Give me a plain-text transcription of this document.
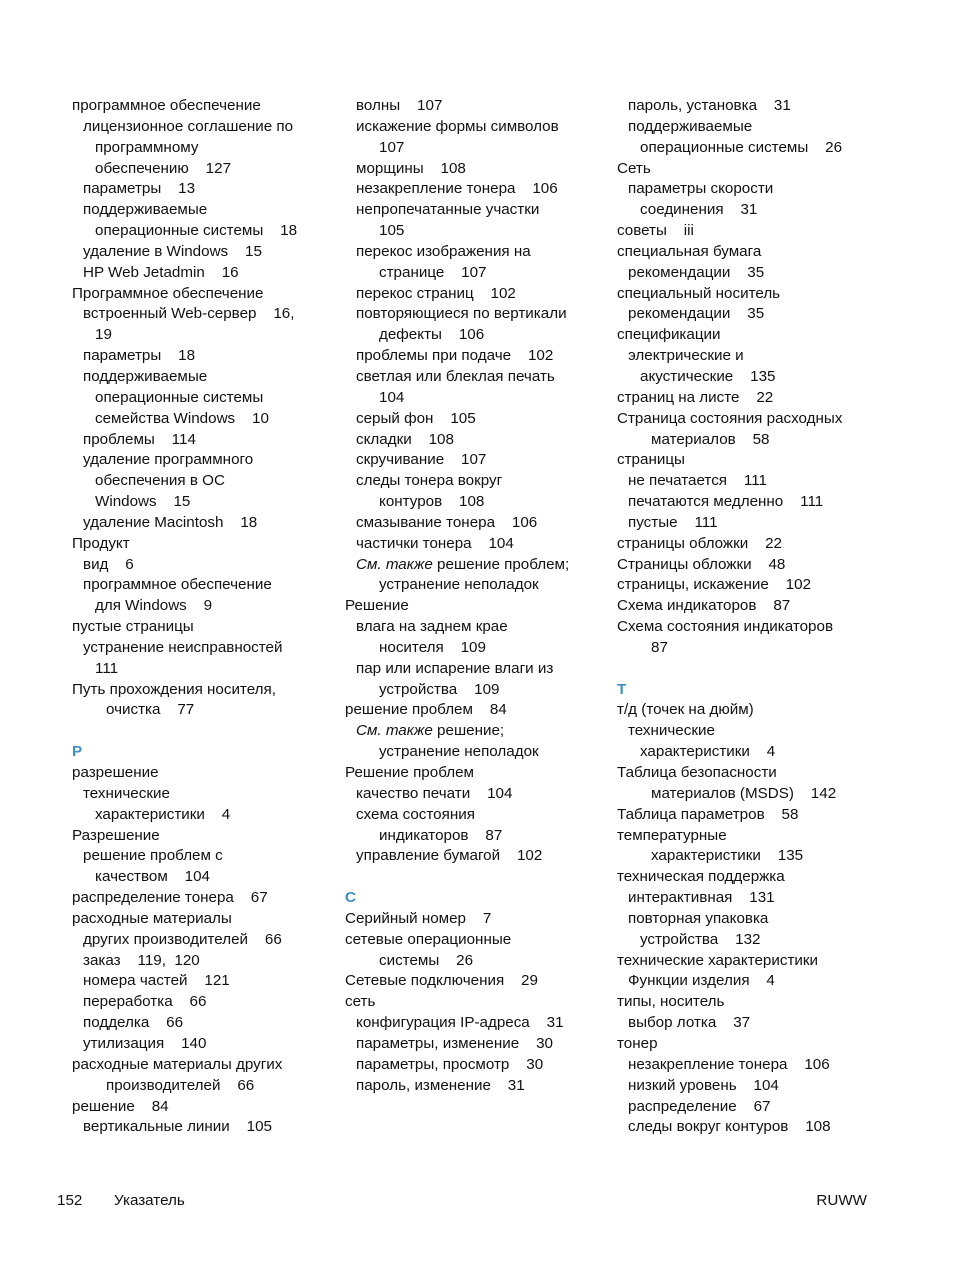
программное обеспечение
лицензионное соглашение по
программному
обеспечению    127
параметры    13
поддерживаемые
операционные системы    18
удаление в Windows    15
HP Web Jetadmin    16
Программное обеспечение
встроенный Web-сервер    16,
19
параметры    18
поддерживаемые
операционные системы
семейства Windows    10
проблемы    114
удаление программного
обеспечения в ОС
Windows    15
удаление Macintosh    18
Продукт
вид    6
программное обеспечение
для Windows    9
пустые страницы
устранение неисправностей
111
Путь прохождения носителя,
очистка    77
Р
разрешение
технические
характеристики    4
Разрешение
решение проблем с
качеством    104
распределение тонера    67
расходные материалы
других производителей    66
заказ    119,  120
номера частей    121
переработка    66
подделка    66
утилизация    140
расходные материалы других
производителей    66
решение    84
вертикальные линии    105
волны    107
искажение формы символов
107
морщины    108
незакрепление тонера    106
непропечатанные участки
105
перекос изображения на
странице    107
перекос страниц    102
повторяющиеся по вертикали
дефекты    106
проблемы при подаче    102
светлая или блеклая печать
104
серый фон    105
складки    108
скручивание    107
следы тонера вокруг
контуров    108
смазывание тонера    106
частички тонера    104
См. также решение проблем;
устранение неполадок
Решение
влага на заднем крае
носителя    109
пар или испарение влаги из
устройства    109
решение проблем    84
См. также решение;
устранение неполадок
Решение проблем
качество печати    104
схема состояния
индикаторов    87
управление бумагой    102
С
Серийный номер    7
сетевые операционные
системы    26
Сетевые подключения    29
сеть
конфигурация IP-адреса    31
параметры, изменение    30
параметры, просмотр    30
пароль, изменение    31
пароль, установка    31
поддерживаемые
операционные системы    26
Сеть
параметры скорости
соединения    31
советы    iii
специальная бумага
рекомендации    35
специальный носитель
рекомендации    35
спецификации
электрические и
акустические    135
страниц на листе    22
Страница состояния расходных
материалов    58
страницы
не печатается    111
печатаются медленно    111
пустые    111
страницы обложки    22
Страницы обложки    48
страницы, искажение    102
Схема индикаторов    87
Схема состояния индикаторов
87
Т
т/д (точек на дюйм)
технические
характеристики    4
Таблица безопасности
материалов (MSDS)    142
Таблица параметров    58
температурные
характеристики    135
техническая поддержка
интерактивная    131
повторная упаковка
устройства    132
технические характеристики
Функции изделия    4
типы, носитель
выбор лотка    37
тонер
незакрепление тонера    106
низкий уровень    104
распределение    67
следы вокруг контуров    108
152 Указатель	RUWW
